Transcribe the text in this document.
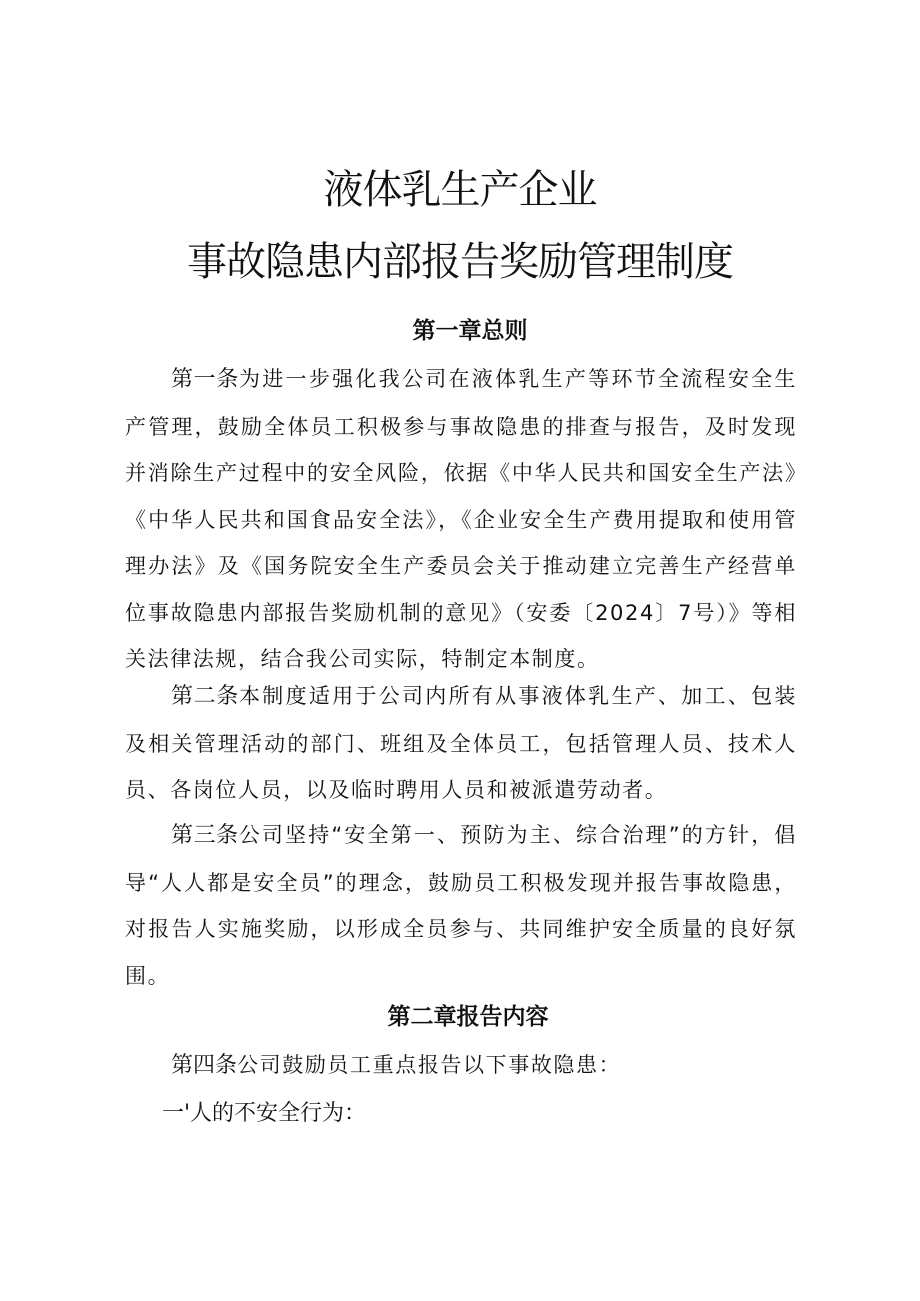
液体乳生产企业
事故隐患内部报告奖励管理制度
第一章总则

第一条为进一步强化我公司在液体乳生产等环节全流程安全生产管理，鼓励全体员工积极参与事故隐患的排查与报告，及时发现并消除生产过程中的安全风险，依据《中华人民共和国安全生产法》《中华人民共和国食品安全法》，《企业安全生产费用提取和使用管理办法》及《国务院安全生产委员会关于推动建立完善生产经营单位事故隐患内部报告奖励机制的意见》（安委〔2024〕7号）》等相关法律法规，结合我公司实际，特制定本制度。

第二条本制度适用于公司内所有从事液体乳生产、加工、包装及相关管理活动的部门、班组及全体员工，包括管理人员、技术人员、各岗位人员，以及临时聘用人员和被派遣劳动者。

第三条公司坚持“安全第一、预防为主、综合治理”的方针，倡导“人人都是安全员”的理念，鼓励员工积极发现并报告事故隐患，对报告人实施奖励，以形成全员参与、共同维护安全质量的良好氛围。

第二章报告内容

第四条公司鼓励员工重点报告以下事故隐患：

一'人的不安全行为：
